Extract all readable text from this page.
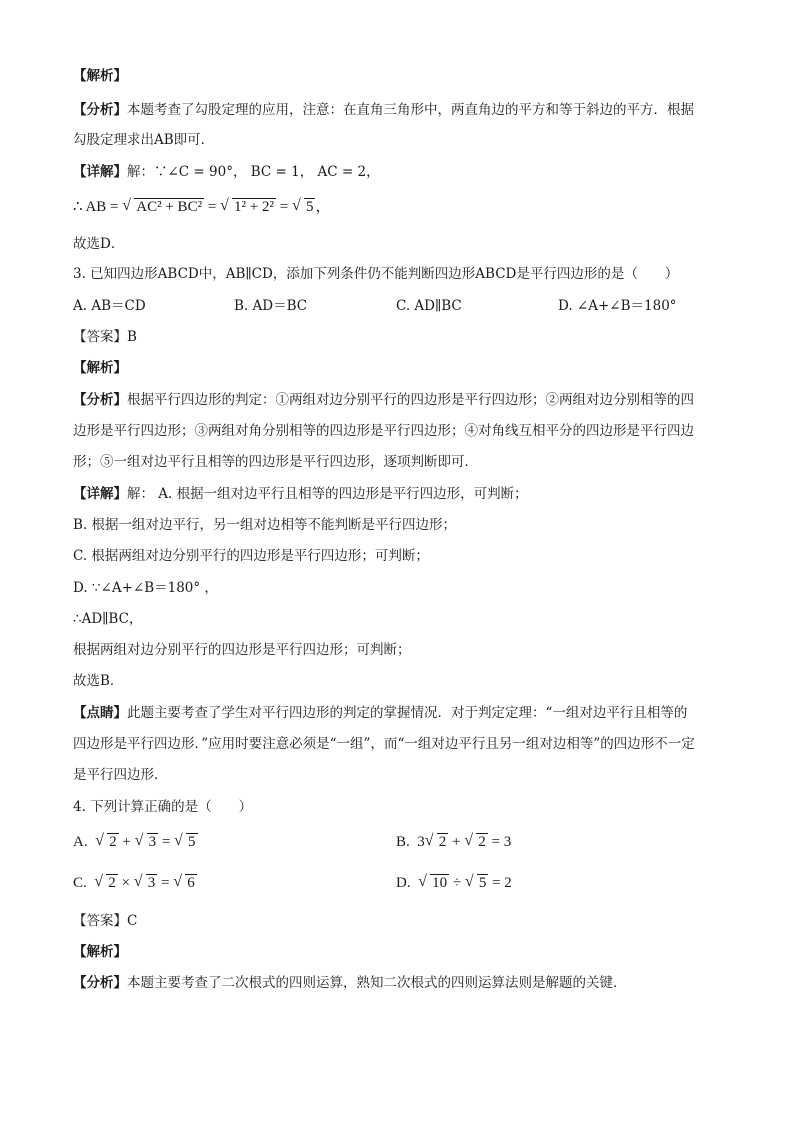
【解析】
【分析】本题考查了勾股定理的应用，注意：在直角三角形中，两直角边的平方和等于斜边的平方．根据
勾股定理求出AB即可．
【详解】解：∵∠C = 90°， BC = 1， AC = 2，
∴ AB = √ AC² + BC² = √ 1² + 2² = √ 5 ，
故选D．
3. 已知四边形ABCD中，AB∥CD，添加下列条件仍不能判断四边形ABCD是平行四边形的是（　　）
A. AB＝CD	B. AD＝BC	C. AD∥BC	D. ∠A+∠B＝180°
【答案】B
【解析】
【分析】根据平行四边形的判定：①两组对边分别平行的四边形是平行四边形；②两组对边分别相等的四
边形是平行四边形；③两组对角分别相等的四边形是平行四边形；④对角线互相平分的四边形是平行四边
形；⑤一组对边平行且相等的四边形是平行四边形，逐项判断即可．
【详解】解： A. 根据一组对边平行且相等的四边形是平行四边形，可判断；
B. 根据一组对边平行，另一组对边相等不能判断是平行四边形；
C. 根据两组对边分别平行的四边形是平行四边形；可判断；
D. ∵∠A+∠B＝180° ，
∴AD∥BC，
根据两组对边分别平行的四边形是平行四边形；可判断；
故选B．
【点睛】此题主要考查了学生对平行四边形的判定的掌握情况．对于判定定理：“一组对边平行且相等的
四边形是平行四边形．”应用时要注意必须是“一组”，而“一组对边平行且另一组对边相等”的四边形不一定
是平行四边形．
4. 下列计算正确的是（　　）
A. √ 2 + √ 3 = √ 5	B. 3 √ 2 + √ 2 = 3
C. √ 2 × √ 3 = √ 6	D. √ 10 ÷ √ 5 = 2
【答案】C
【解析】
【分析】本题主要考查了二次根式的四则运算，熟知二次根式的四则运算法则是解题的关键．
